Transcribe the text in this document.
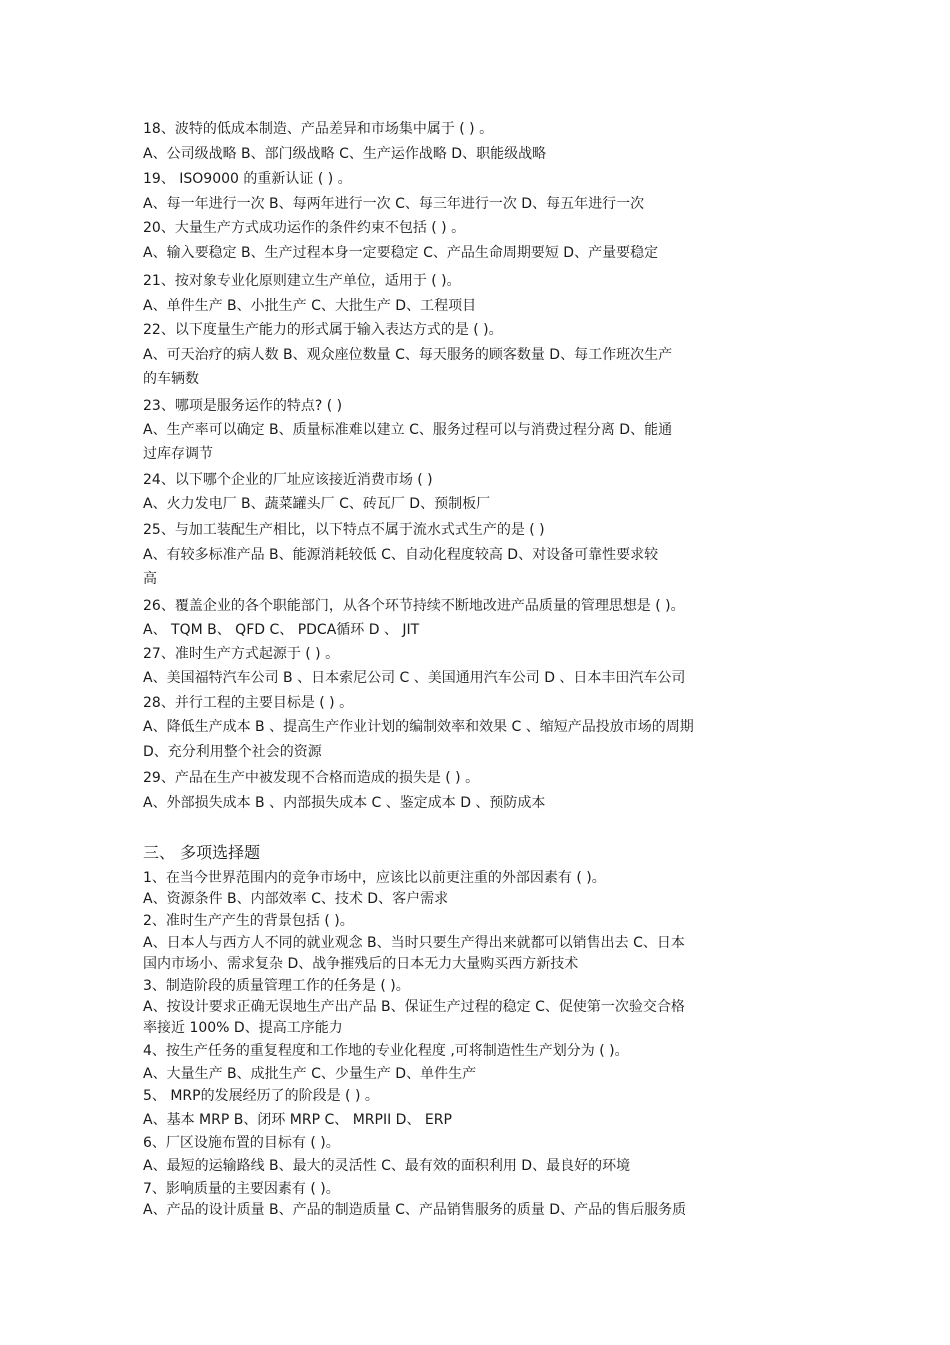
18、波特的低成本制造、产品差异和市场集中属于 ( ) 。
A、公司级战略 B、部门级战略 C、生产运作战略 D、职能级战略
19、 ISO9000 的重新认证 ( ) 。
A、每一年进行一次 B、每两年进行一次 C、每三年进行一次 D、每五年进行一次
20、大量生产方式成功运作的条件约束不包括 ( ) 。
A、输入要稳定 B、生产过程本身一定要稳定 C、产品生命周期要短 D、产量要稳定
21、按对象专业化原则建立生产单位，适用于 ( )。
A、单件生产 B、小批生产 C、大批生产 D、工程项目
22、以下度量生产能力的形式属于输入表达方式的是 ( )。
A、可天治疗的病人数 B、观众座位数量 C、每天服务的顾客数量 D、每工作班次生产
的车辆数
23、哪项是服务运作的特点? ( )
A、生产率可以确定 B、质量标准难以建立 C、服务过程可以与消费过程分离 D、能通
过库存调节
24、以下哪个企业的厂址应该接近消费市场 ( )
A、火力发电厂 B、蔬菜罐头厂 C、砖瓦厂 D、预制板厂
25、与加工装配生产相比，以下特点不属于流水式式生产的是 ( )
A、有较多标准产品 B、能源消耗较低 C、自动化程度较高 D、对设备可靠性要求较
高
26、覆盖企业的各个职能部门，从各个环节持续不断地改进产品质量的管理思想是 ( )。
A、 TQM B、 QFD C、 PDCA循环 D 、 JIT
27、准时生产方式起源于 ( ) 。
A、美国福特汽车公司 B 、日本索尼公司 C 、美国通用汽车公司 D 、日本丰田汽车公司
28、并行工程的主要目标是 ( ) 。
A、降低生产成本 B 、提高生产作业计划的编制效率和效果 C 、缩短产品投放市场的周期
D、充分利用整个社会的资源
29、产品在生产中被发现不合格而造成的损失是 ( ) 。
A、外部损失成本 B 、内部损失成本 C 、鉴定成本 D 、预防成本
三、 多项选择题
1、在当今世界范围内的竞争市场中，应该比以前更注重的外部因素有 ( )。
A、资源条件 B、内部效率 C、技术 D、客户需求
2、准时生产产生的背景包括 ( )。
A、日本人与西方人不同的就业观念 B、当时只要生产得出来就都可以销售出去 C、日本
国内市场小、需求复杂 D、战争摧残后的日本无力大量购买西方新技术
3、制造阶段的质量管理工作的任务是 ( )。
A、按设计要求正确无误地生产出产品 B、保证生产过程的稳定 C、促使第一次验交合格
率接近 100% D、提高工序能力
4、按生产任务的重复程度和工作地的专业化程度 ,可将制造性生产划分为 ( )。
A、大量生产 B、成批生产 C、少量生产 D、单件生产
5、 MRP的发展经历了的阶段是 ( ) 。
A、基本 MRP B、闭环 MRP C、 MRPII D、 ERP
6、厂区设施布置的目标有 ( )。
A、最短的运输路线 B、最大的灵活性 C、最有效的面积利用 D、最良好的环境
7、影响质量的主要因素有 ( )。
A、产品的设计质量 B、产品的制造质量 C、产品销售服务的质量 D、产品的售后服务质
